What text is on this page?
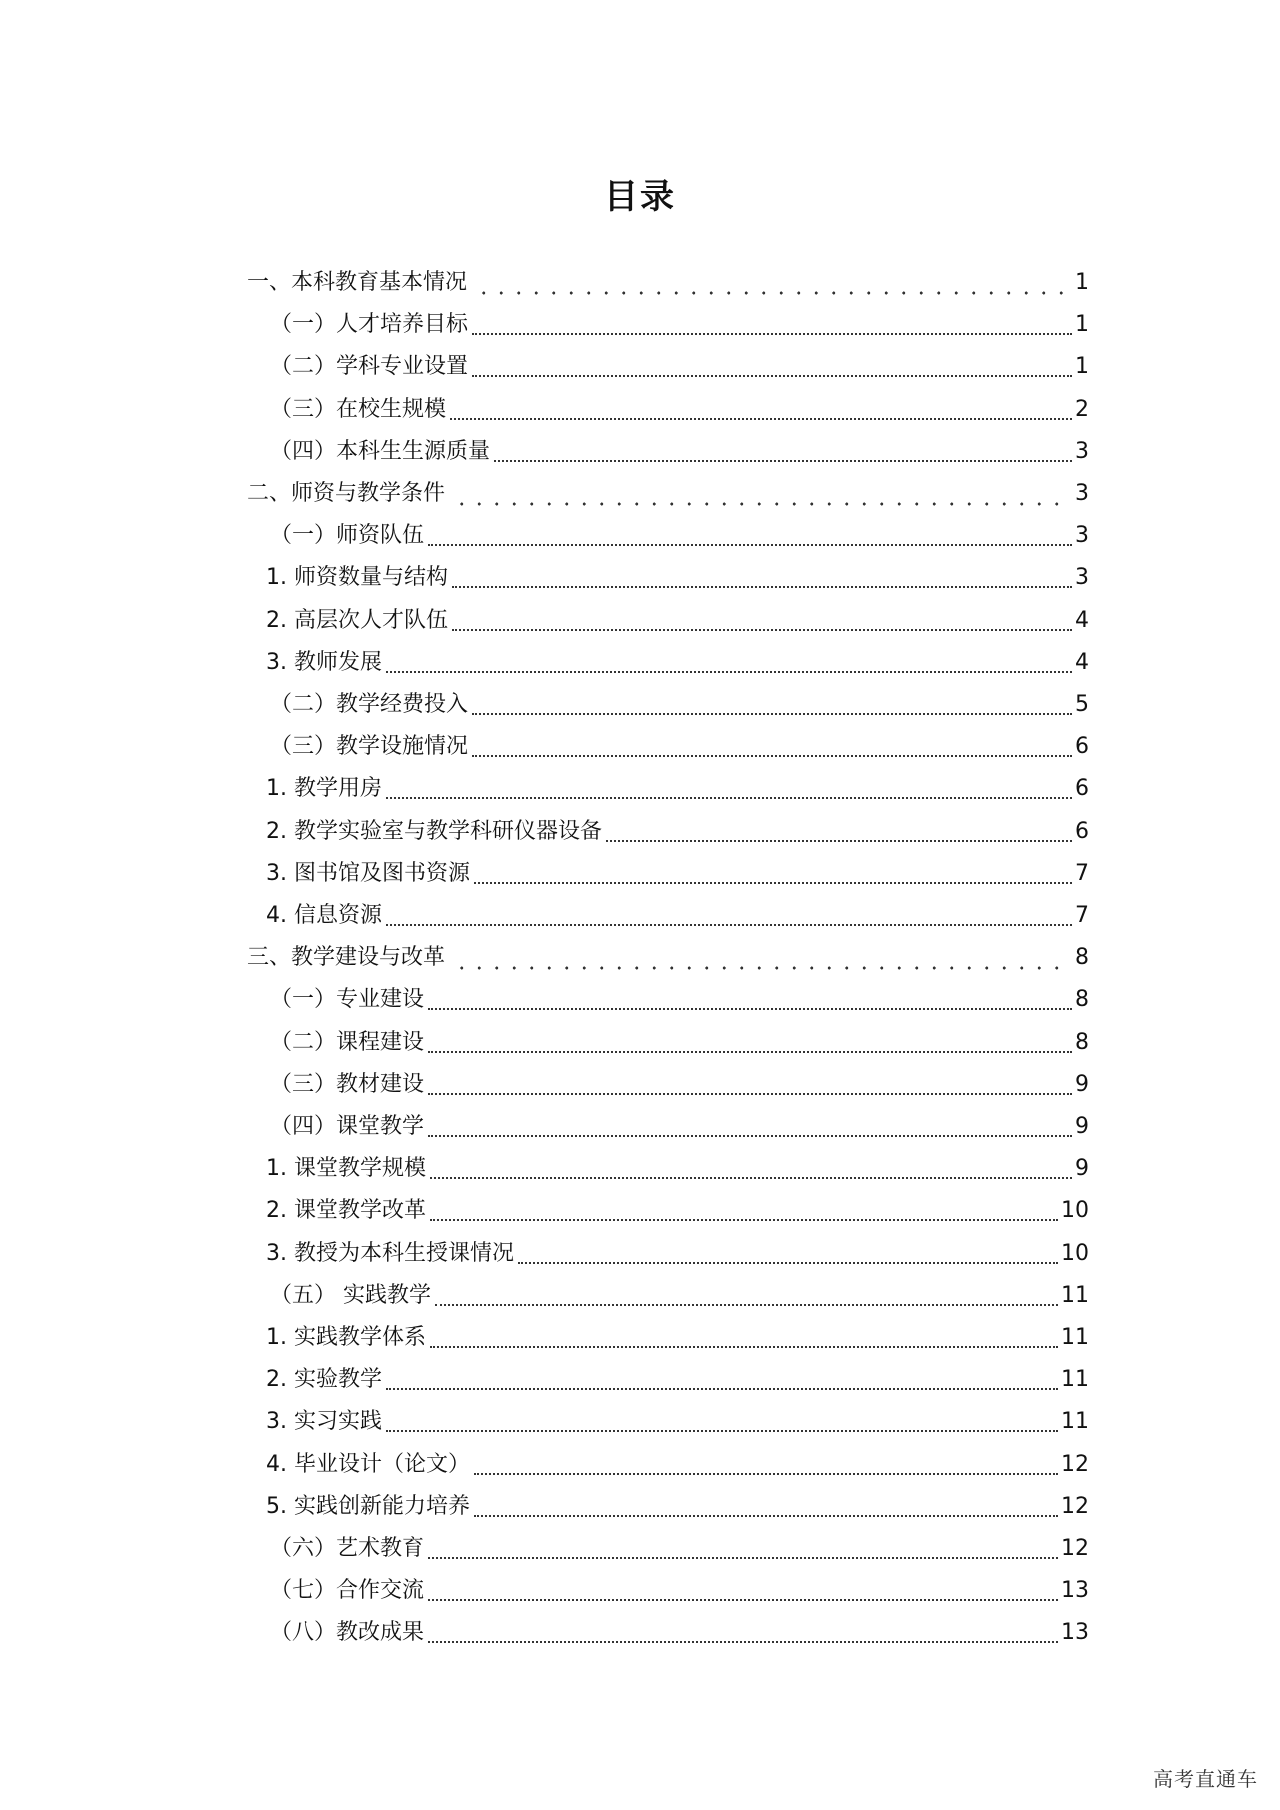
目录
一、本科教育基本情况	1
（一）人才培养目标	1
（二）学科专业设置	1
（三）在校生规模	2
（四）本科生生源质量	3
二、师资与教学条件	3
（一）师资队伍	3
1. 师资数量与结构	3
2. 高层次人才队伍	4
3. 教师发展	4
（二）教学经费投入	5
（三）教学设施情况	6
1. 教学用房	6
2. 教学实验室与教学科研仪器设备	6
3. 图书馆及图书资源	7
4. 信息资源	7
三、教学建设与改革	8
（一）专业建设	8
（二）课程建设	8
（三）教材建设	9
（四）课堂教学	9
1. 课堂教学规模	9
2. 课堂教学改革	10
3. 教授为本科生授课情况	10
（五） 实践教学	11
1. 实践教学体系	11
2. 实验教学	11
3. 实习实践	11
4. 毕业设计（论文）	12
5. 实践创新能力培养	12
（六）艺术教育	12
（七）合作交流	13
（八）教改成果	13
高考直通车
